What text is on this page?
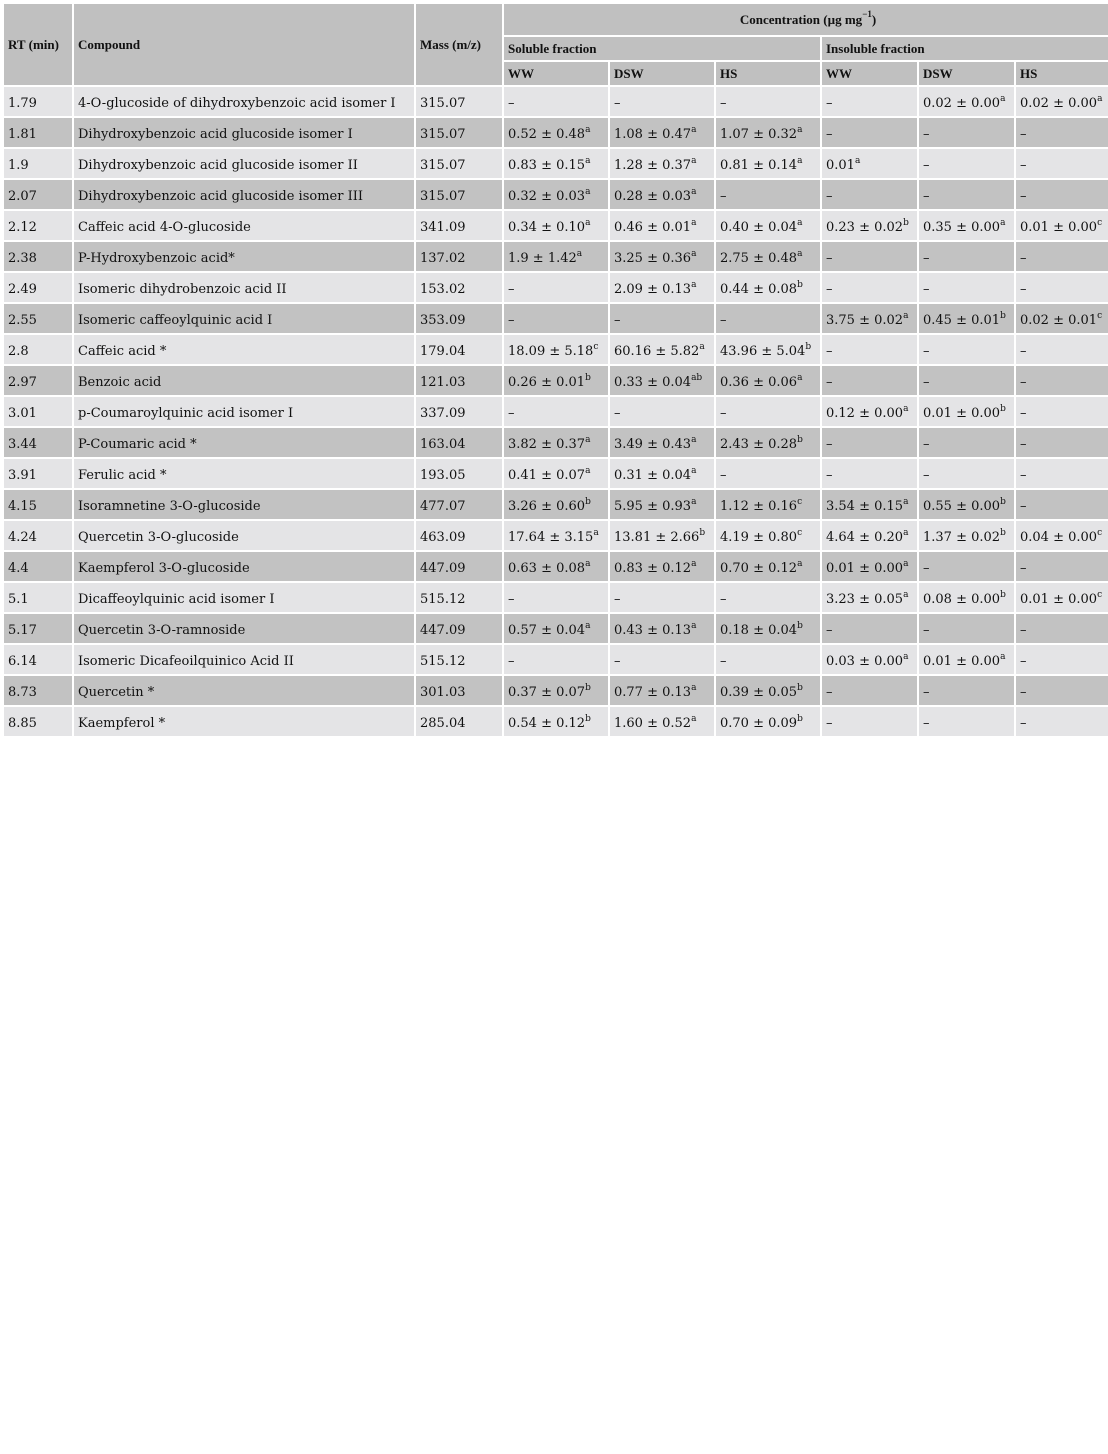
RT (min)	Compound	Mass (m/z)	Concentration (µg $mg^{-1}$)					
			Soluble fraction			Insoluble fraction		
			WW	DSW	HS	WW	DSW	HS
1.79	4-O-glucoside of dihydroxybenzoic acid isomer I	315.07	–	–	–	–	0.02 ± 0.00$^a$	0.02 ± 0.00$^a$
1.81	Dihydroxybenzoic acid glucoside isomer I	315.07	0.52 ± 0.48$^a$	1.08 ± 0.47$^a$	1.07 ± 0.32$^a$	–	–	–
1.9	Dihydroxybenzoic acid glucoside isomer II	315.07	0.83 ± 0.15$^a$	1.28 ± 0.37$^a$	0.81 ± 0.14$^a$	0.01$^a$	–	–
2.07	Dihydroxybenzoic acid glucoside isomer III	315.07	0.32 ± 0.03$^a$	0.28 ± 0.03$^a$	–	–	–	–
2.12	Caffeic acid 4-O-glucoside	341.09	0.34 ± 0.10$^a$	0.46 ± 0.01$^a$	0.40 ± 0.04$^a$	0.23 ± 0.02$^b$	0.35 ± 0.00$^a$	0.01 ± 0.00$^c$
2.38	P-Hydroxybenzoic acid*	137.02	1.9 ± 1.42$^a$	3.25 ± 0.36$^a$	2.75 ± 0.48$^a$	–	–	–
2.49	Isomeric dihydrobenzoic acid II	153.02	–	2.09 ± 0.13$^a$	0.44 ± 0.08$^b$	–	–	–
2.55	Isomeric caffeoylquinic acid I	353.09	–	–	–	3.75 ± 0.02$^a$	0.45 ± 0.01$^b$	0.02 ± 0.01$^c$
2.8	Caffeic acid *	179.04	18.09 ± 5.18$^c$	60.16 ± 5.82$^a$	43.96 ± 5.04$^b$	–	–	–
2.97	Benzoic acid	121.03	0.26 ± 0.01$^b$	0.33 ± 0.04$^{ab}$	0.36 ± 0.06$^a$	–	–	–
3.01	p-Coumaroylquinic acid isomer I	337.09	–	–	–	0.12 ± 0.00$^a$	0.01 ± 0.00$^b$	–
3.44	P-Coumaric acid *	163.04	3.82 ± 0.37$^a$	3.49 ± 0.43$^a$	2.43 ± 0.28$^b$	–	–	–
3.91	Ferulic acid *	193.05	0.41 ± 0.07$^a$	0.31 ± 0.04$^a$	–	–	–	–
4.15	Isoramnetine 3-O-glucoside	477.07	3.26 ± 0.60$^b$	5.95 ± 0.93$^a$	1.12 ± 0.16$^c$	3.54 ± 0.15$^a$	0.55 ± 0.00$^b$	–
4.24	Quercetin 3-O-glucoside	463.09	17.64 ± 3.15$^a$	13.81 ± 2.66$^b$	4.19 ± 0.80$^c$	4.64 ± 0.20$^a$	1.37 ± 0.02$^b$	0.04 ± 0.00$^c$
4.4	Kaempferol 3-O-glucoside	447.09	0.63 ± 0.08$^a$	0.83 ± 0.12$^a$	0.70 ± 0.12$^a$	0.01 ± 0.00$^a$	–	–
5.1	Dicaffeoylquinic acid isomer I	515.12	–	–	–	3.23 ± 0.05$^a$	0.08 ± 0.00$^b$	0.01 ± 0.00$^c$
5.17	Quercetin 3-O-ramnoside	447.09	0.57 ± 0.04$^a$	0.43 ± 0.13$^a$	0.18 ± 0.04$^b$	–	–	–
6.14	Isomeric Dicafeoilquinico Acid II	515.12	–	–	–	0.03 ± 0.00$^a$	0.01 ± 0.00$^a$	–
8.73	Quercetin *	301.03	0.37 ± 0.07$^b$	0.77 ± 0.13$^a$	0.39 ± 0.05$^b$	–	–	–
8.85	Kaempferol *	285.04	0.54 ± 0.12$^b$	1.60 ± 0.52$^a$	0.70 ± 0.09$^b$	–	–	–
